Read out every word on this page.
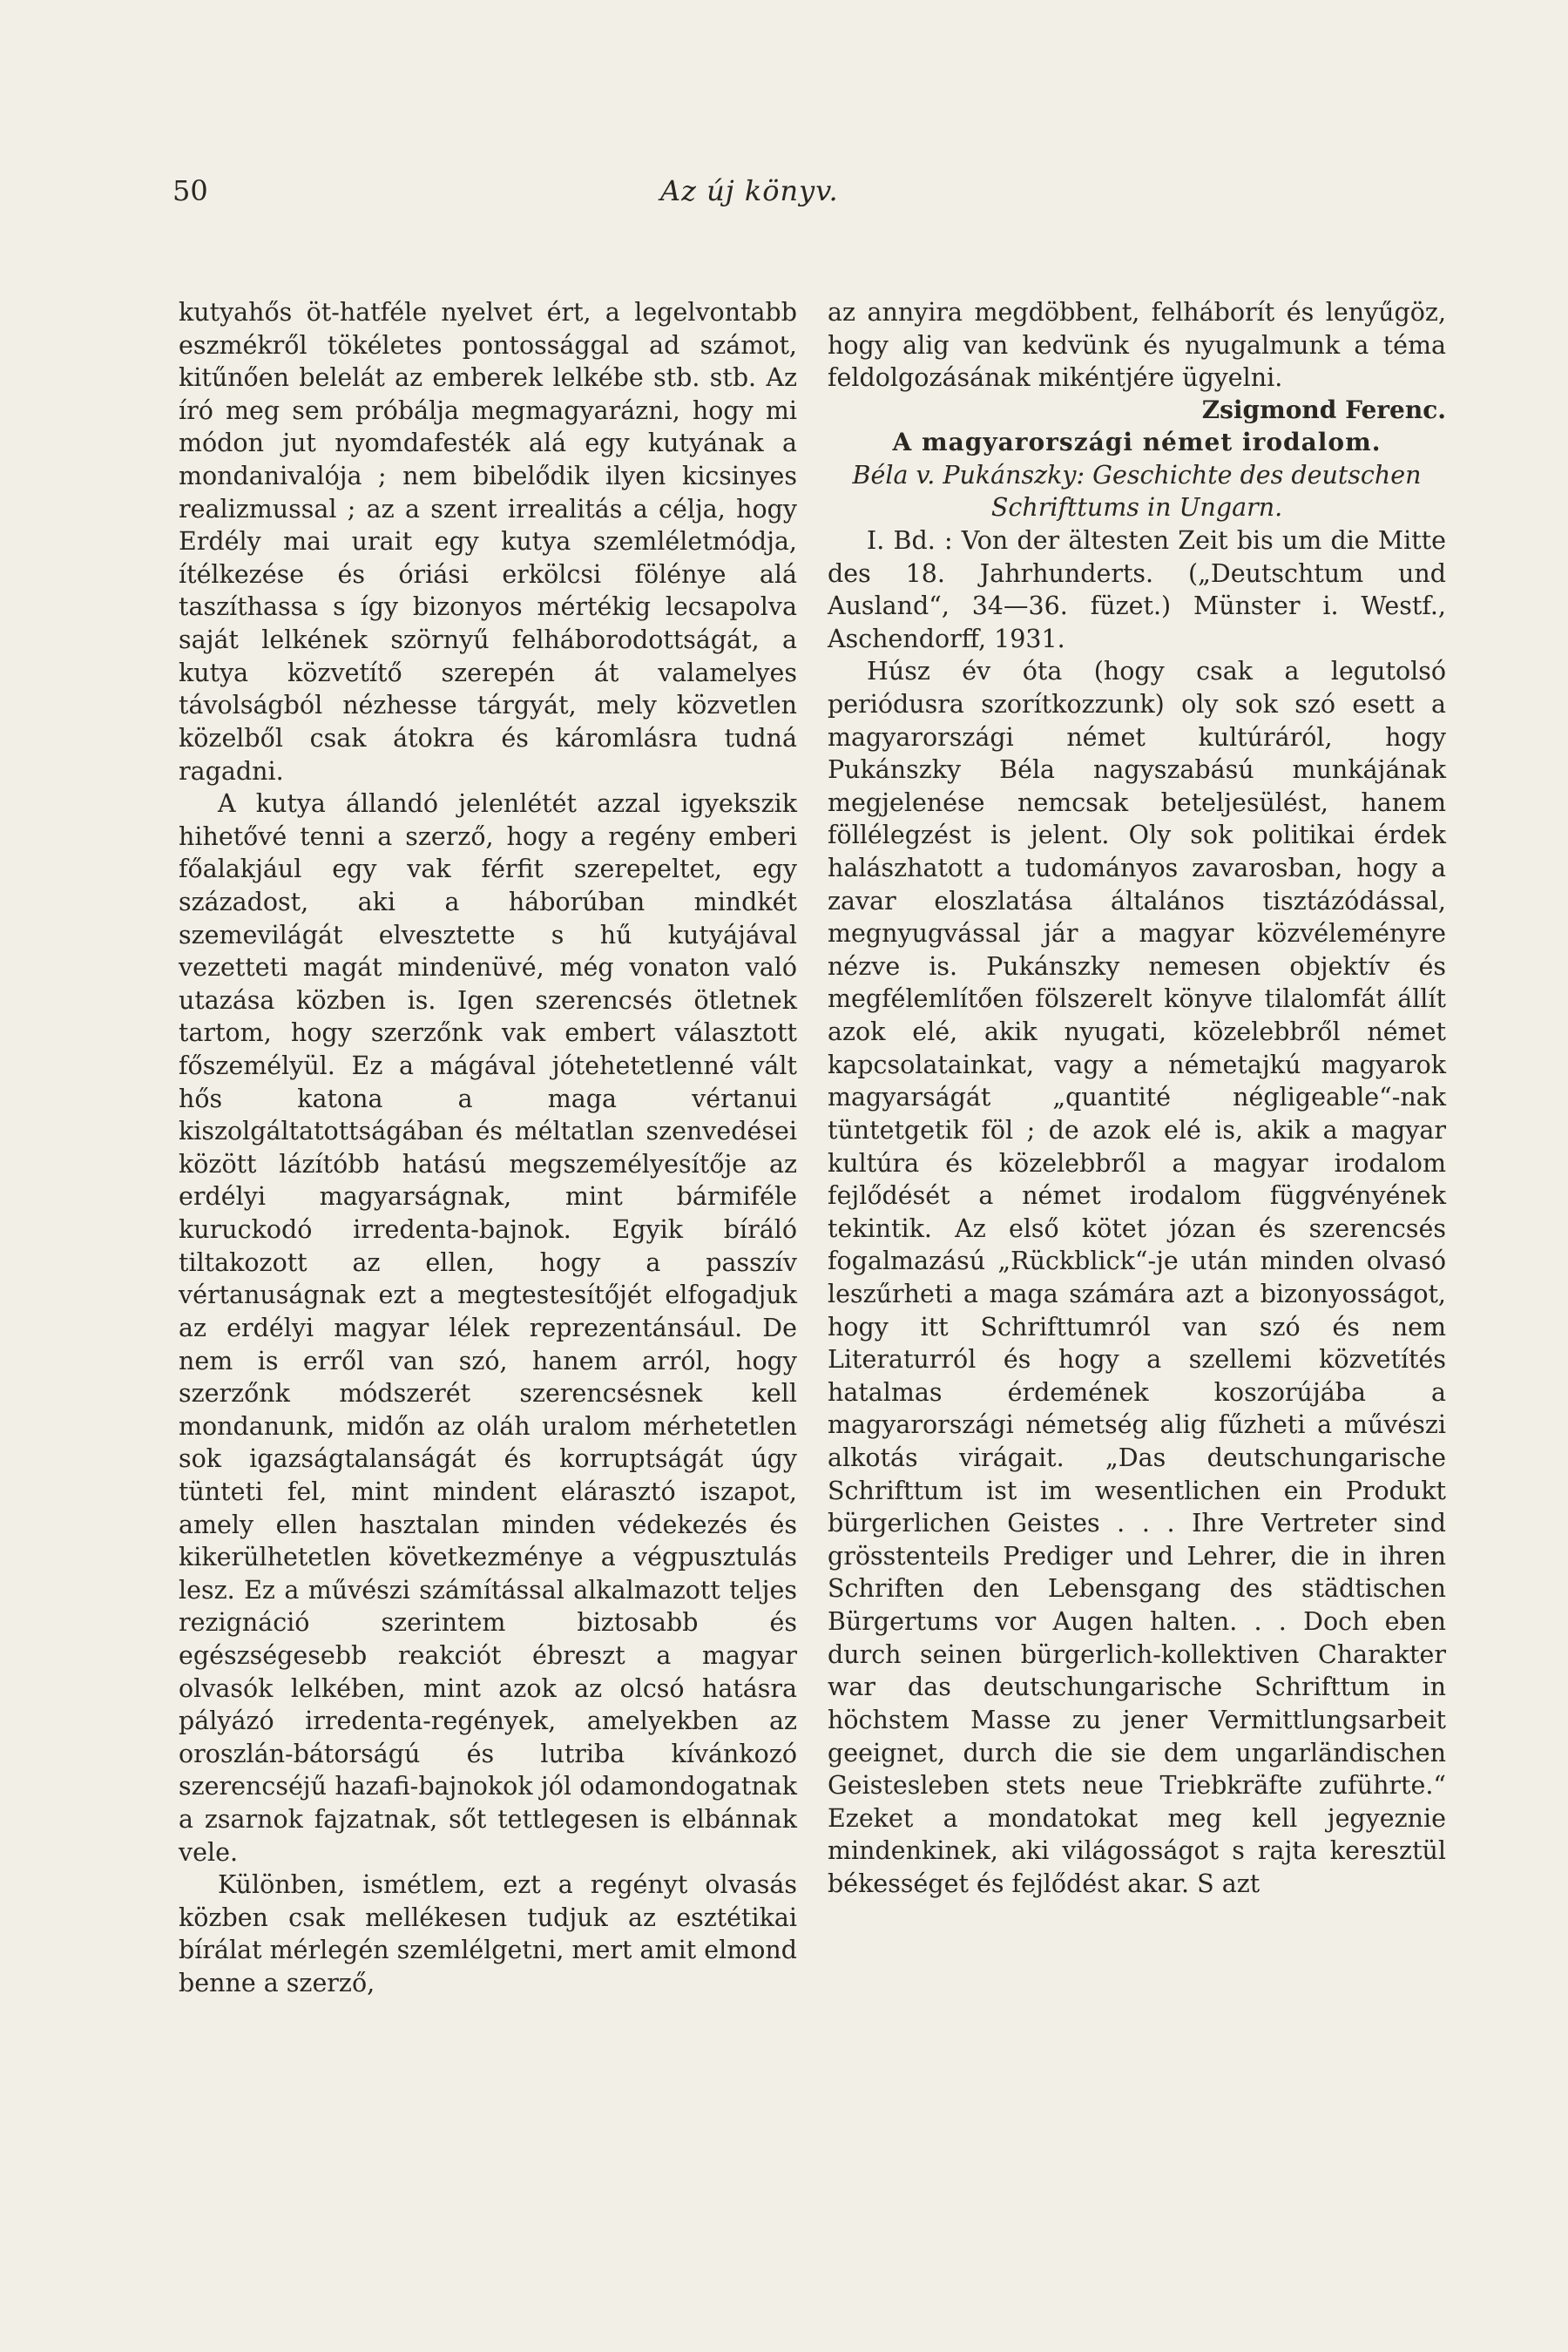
50	Az új könyv.

kutyahős öt-hatféle nyelvet ért, a legelvontabb eszmékről tökéletes pontossággal ad számot, kitűnően belelát az emberek lelkébe stb. stb. Az író meg sem próbálja megmagyarázni, hogy mi módon jut nyomdafesték alá egy kutyának a mondanivalója ; nem bibelődik ilyen kicsinyes realizmussal ; az a szent irrealitás a célja, hogy Erdély mai urait egy kutya szemléletmódja, ítélkezése és óriási erkölcsi fölénye alá taszíthassa s így bizonyos mértékig lecsapolva saját lelkének szörnyű felháborodottságát, a kutya közvetítő szerepén át valamelyes távolságból nézhesse tárgyát, mely közvetlen közelből csak átokra és káromlásra tudná ragadni.

A kutya állandó jelenlétét azzal igyekszik hihetővé tenni a szerző, hogy a regény emberi főalakjául egy vak férfit szerepeltet, egy századost, aki a háborúban mindkét szemevilágát elvesztette s hű kutyájával vezetteti magát mindenüvé, még vonaton való utazása közben is. Igen szerencsés ötletnek tartom, hogy szerzőnk vak embert választott főszemélyül. Ez a mágával jótehetetlenné vált hős katona a maga vértanui kiszolgáltatottságában és méltatlan szenvedései között lázítóbb hatású megszemélyesítője az erdélyi magyarságnak, mint bármiféle kuruckodó irredenta-bajnok. Egyik bíráló tiltakozott az ellen, hogy a passzív vértanuságnak ezt a megtestesítőjét elfogadjuk az erdélyi magyar lélek reprezentánsául. De nem is erről van szó, hanem arról, hogy szerzőnk módszerét szerencsésnek kell mondanunk, midőn az oláh uralom mérhetetlen sok igazságtalanságát és korruptságát úgy tünteti fel, mint mindent elárasztó iszapot, amely ellen hasztalan minden védekezés és kikerülhetetlen következménye a végpusztulás lesz. Ez a művészi számítással alkalmazott teljes rezignáció szerintem biztosabb és egészségesebb reakciót ébreszt a magyar olvasók lelkében, mint azok az olcsó hatásra pályázó irredenta-regények, amelyekben az oroszlán-bátorságú és lutriba kívánkozó szerencséjű hazafi-bajnokok jól odamondogatnak a zsarnok fajzatnak, sőt tettlegesen is elbánnak vele.

Különben, ismétlem, ezt a regényt olvasás közben csak mellékesen tudjuk az esztétikai bírálat mérlegén szemlélgetni, mert amit elmond benne a szerző,

az annyira megdöbbent, felháborít és lenyűgöz, hogy alig van kedvünk és nyugalmunk a téma feldolgozásának mikéntjére ügyelni.

Zsigmond Ferenc.

A magyarországi német irodalom.

Béla v. Pukánszky: Geschichte des deutschen Schrifttums in Ungarn.

I. Bd. : Von der ältesten Zeit bis um die Mitte des 18. Jahrhunderts. („Deutschtum und Ausland“, 34—36. füzet.) Münster i. Westf., Aschendorff, 1931.

Húsz év óta (hogy csak a legutolsó periódusra szorítkozzunk) oly sok szó esett a magyarországi német kultúráról, hogy Pukánszky Béla nagyszabású munkájának megjelenése nemcsak beteljesülést, hanem föllélegzést is jelent. Oly sok politikai érdek halászhatott a tudományos zavarosban, hogy a zavar eloszlatása általános tisztázódással, megnyugvással jár a magyar közvéleményre nézve is. Pukánszky nemesen objektív és megfélemlítően fölszerelt könyve tilalomfát állít azok elé, akik nyugati, közelebbről német kapcsolatainkat, vagy a németajkú magyarok magyarságát „quantité négligeable“-nak tüntetgetik föl ; de azok elé is, akik a magyar kultúra és közelebbről a magyar irodalom fejlődését a német irodalom függvényének tekintik. Az első kötet józan és szerencsés fogalmazású „Rückblick“-je után minden olvasó leszűrheti a maga számára azt a bizonyosságot, hogy itt Schrifttumról van szó és nem Literaturról és hogy a szellemi közvetítés hatalmas érdemének koszorújába a magyarországi németség alig fűzheti a művészi alkotás virágait. „Das deutschungarische Schrifttum ist im wesentlichen ein Produkt bürgerlichen Geistes . . . Ihre Vertreter sind grösstenteils Prediger und Lehrer, die in ihren Schriften den Lebensgang des städtischen Bürgertums vor Augen halten. . . Doch eben durch seinen bürgerlich-kollektiven Charakter war das deutschungarische Schrifttum in höchstem Masse zu jener Vermittlungsarbeit geeignet, durch die sie dem ungarländischen Geistesleben stets neue Triebkräfte zuführte.“ Ezeket a mondatokat meg kell jegyeznie mindenkinek, aki világosságot s rajta keresztül békességet és fejlődést akar. S azt
